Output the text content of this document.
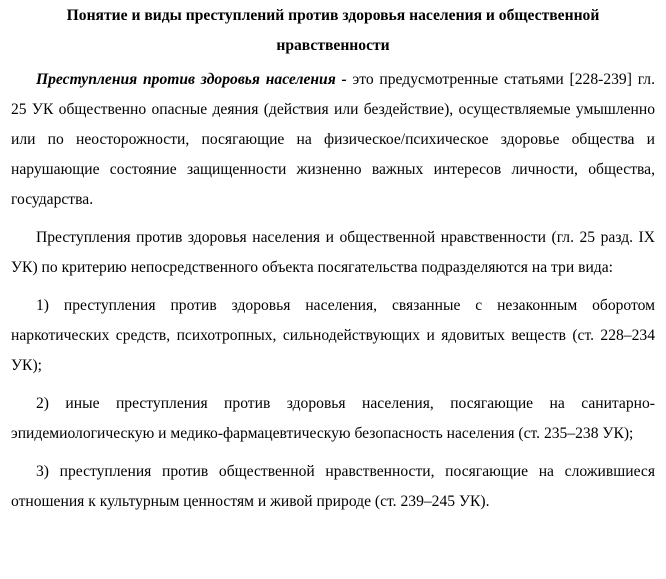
Понятие и виды преступлений против здоровья населения и общественной
нравственности

Преступления против здоровья населения - это предусмотренные статьями [228-239] гл. 25 УК общественно опасные деяния (действия или бездействие), осуществляемые умышленно или по неосторожности, посягающие на физическое/психическое здоровье общества и нарушающие состояние защищенности жизненно важных интересов личности, общества, государства.

Преступления против здоровья населения и общественной нравственности (гл. 25 разд. IX УК) по критерию непосредственного объекта посягательства подразделяются на три вида:

1) преступления против здоровья населения, связанные с незаконным оборотом наркотических средств, психотропных, сильнодействующих и ядовитых веществ (ст. 228–234 УК);

2) иные преступления против здоровья населения, посягающие на санитарно-эпидемиологическую и медико-фармацевтическую безопасность населения (ст. 235–238 УК);

3) преступления против общественной нравственности, посягающие на сложившиеся отношения к культурным ценностям и живой природе (ст. 239–245 УК).
